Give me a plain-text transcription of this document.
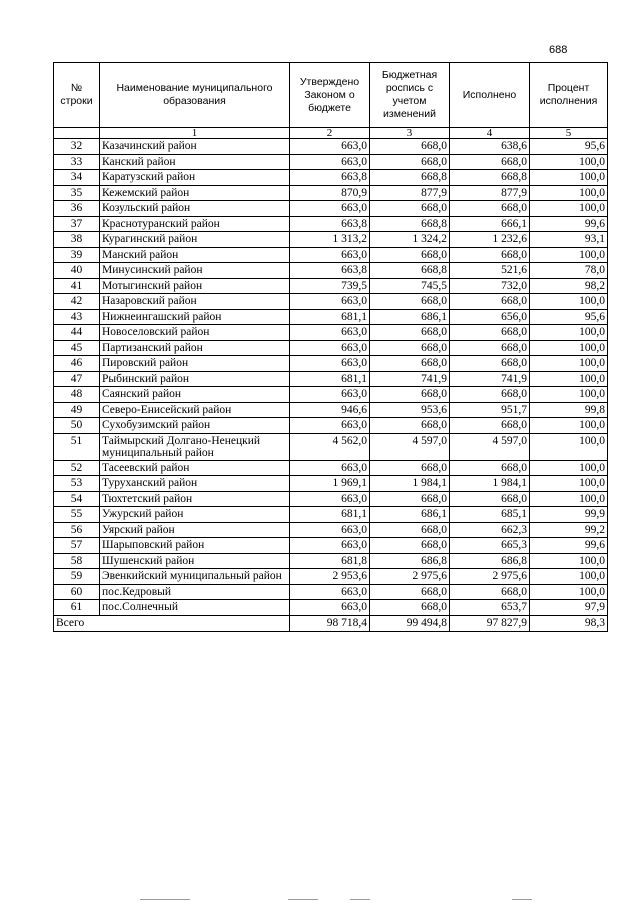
688
№ строки	Наименование муниципального образования	Утверждено Законом о бюджете	Бюджетная роспись с учетом изменений	Исполнено	Процент исполнения
	1	2	3	4	5
32	Казачинский район	663,0	668,0	638,6	95,6
33	Канский район	663,0	668,0	668,0	100,0
34	Каратузский район	663,8	668,8	668,8	100,0
35	Кежемский район	870,9	877,9	877,9	100,0
36	Козульский район	663,0	668,0	668,0	100,0
37	Краснотуранский район	663,8	668,8	666,1	99,6
38	Курагинский район	1 313,2	1 324,2	1 232,6	93,1
39	Манский район	663,0	668,0	668,0	100,0
40	Минусинский район	663,8	668,8	521,6	78,0
41	Мотыгинский район	739,5	745,5	732,0	98,2
42	Назаровский район	663,0	668,0	668,0	100,0
43	Нижнеингашский район	681,1	686,1	656,0	95,6
44	Новоселовский район	663,0	668,0	668,0	100,0
45	Партизанский район	663,0	668,0	668,0	100,0
46	Пировский район	663,0	668,0	668,0	100,0
47	Рыбинский район	681,1	741,9	741,9	100,0
48	Саянский район	663,0	668,0	668,0	100,0
49	Северо-Енисейский район	946,6	953,6	951,7	99,8
50	Сухобузимский район	663,0	668,0	668,0	100,0
51	Таймырский Долгано-Ненецкий муниципальный район	4 562,0	4 597,0	4 597,0	100,0
52	Тасеевский район	663,0	668,0	668,0	100,0
53	Туруханский район	1 969,1	1 984,1	1 984,1	100,0
54	Тюхтетский район	663,0	668,0	668,0	100,0
55	Ужурский район	681,1	686,1	685,1	99,9
56	Уярский район	663,0	668,0	662,3	99,2
57	Шарыповский район	663,0	668,0	665,3	99,6
58	Шушенский район	681,8	686,8	686,8	100,0
59	Эвенкийский муниципальный район	2 953,6	2 975,6	2 975,6	100,0
60	пос.Кедровый	663,0	668,0	668,0	100,0
61	пос.Солнечный	663,0	668,0	653,7	97,9
Всего		98 718,4	99 494,8	97 827,9	98,3
